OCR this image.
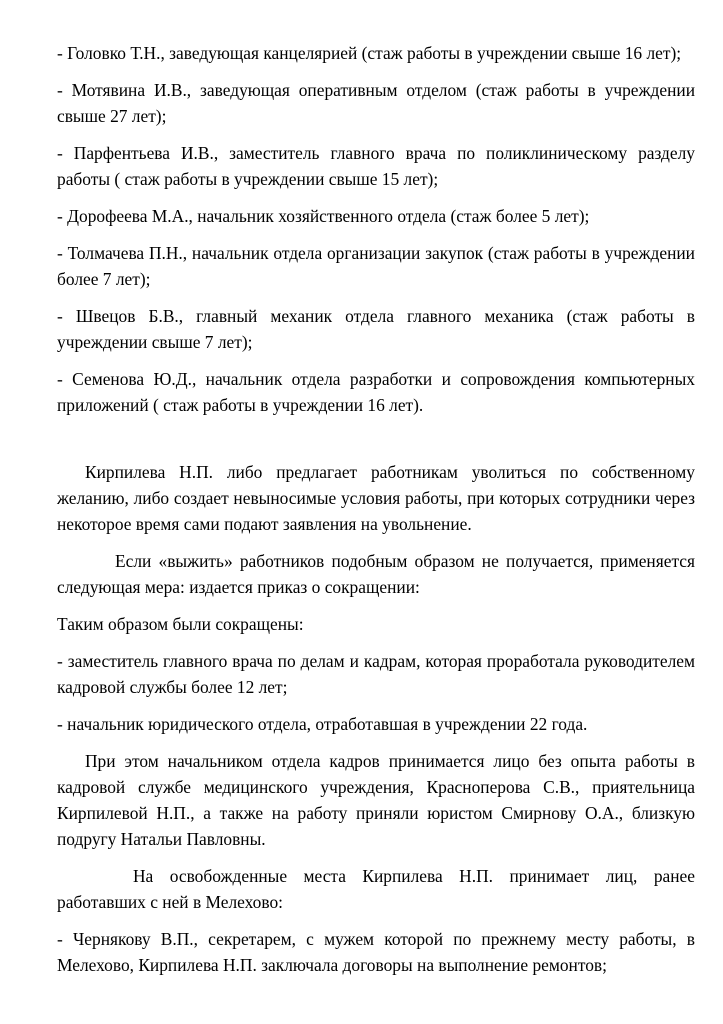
- Головко Т.Н., заведующая канцелярией (стаж работы в учреждении свыше 16 лет);

- Мотявина И.В., заведующая оперативным отделом (стаж работы в учреждении свыше 27 лет);

- Парфентьева И.В., заместитель главного врача по поликлиническому разделу работы ( стаж работы в учреждении свыше 15 лет);

- Дорофеева М.А., начальник хозяйственного отдела (стаж более 5 лет);

- Толмачева П.Н., начальник отдела организации закупок (стаж работы в учреждении более 7 лет);

- Швецов Б.В., главный механик отдела главного механика (стаж работы в учреждении свыше 7 лет);

- Семенова Ю.Д., начальник отдела разработки и сопровождения компьютерных приложений ( стаж работы в учреждении 16 лет).

Кирпилева Н.П. либо предлагает работникам уволиться по собственному желанию, либо создает невыносимые условия работы, при которых сотрудники через некоторое время сами подают заявления на увольнение.

Если «выжить» работников подобным образом не получается, применяется следующая мера: издается приказ о сокращении:

Таким образом были сокращены:

- заместитель главного врача по делам и кадрам, которая проработала руководителем кадровой службы более 12 лет;

- начальник юридического отдела, отработавшая в учреждении 22 года.

При этом начальником отдела кадров принимается лицо без опыта работы в кадровой службе медицинского учреждения, Красноперова С.В., приятельница Кирпилевой Н.П., а также на работу приняли юристом Смирнову О.А., близкую подругу Натальи Павловны.

На освобожденные места Кирпилева Н.П. принимает лиц, ранее работавших с ней в Мелехово:

- Чернякову В.П., секретарем, с мужем которой по прежнему месту работы, в Мелехово, Кирпилева Н.П. заключала договоры на выполнение ремонтов;
